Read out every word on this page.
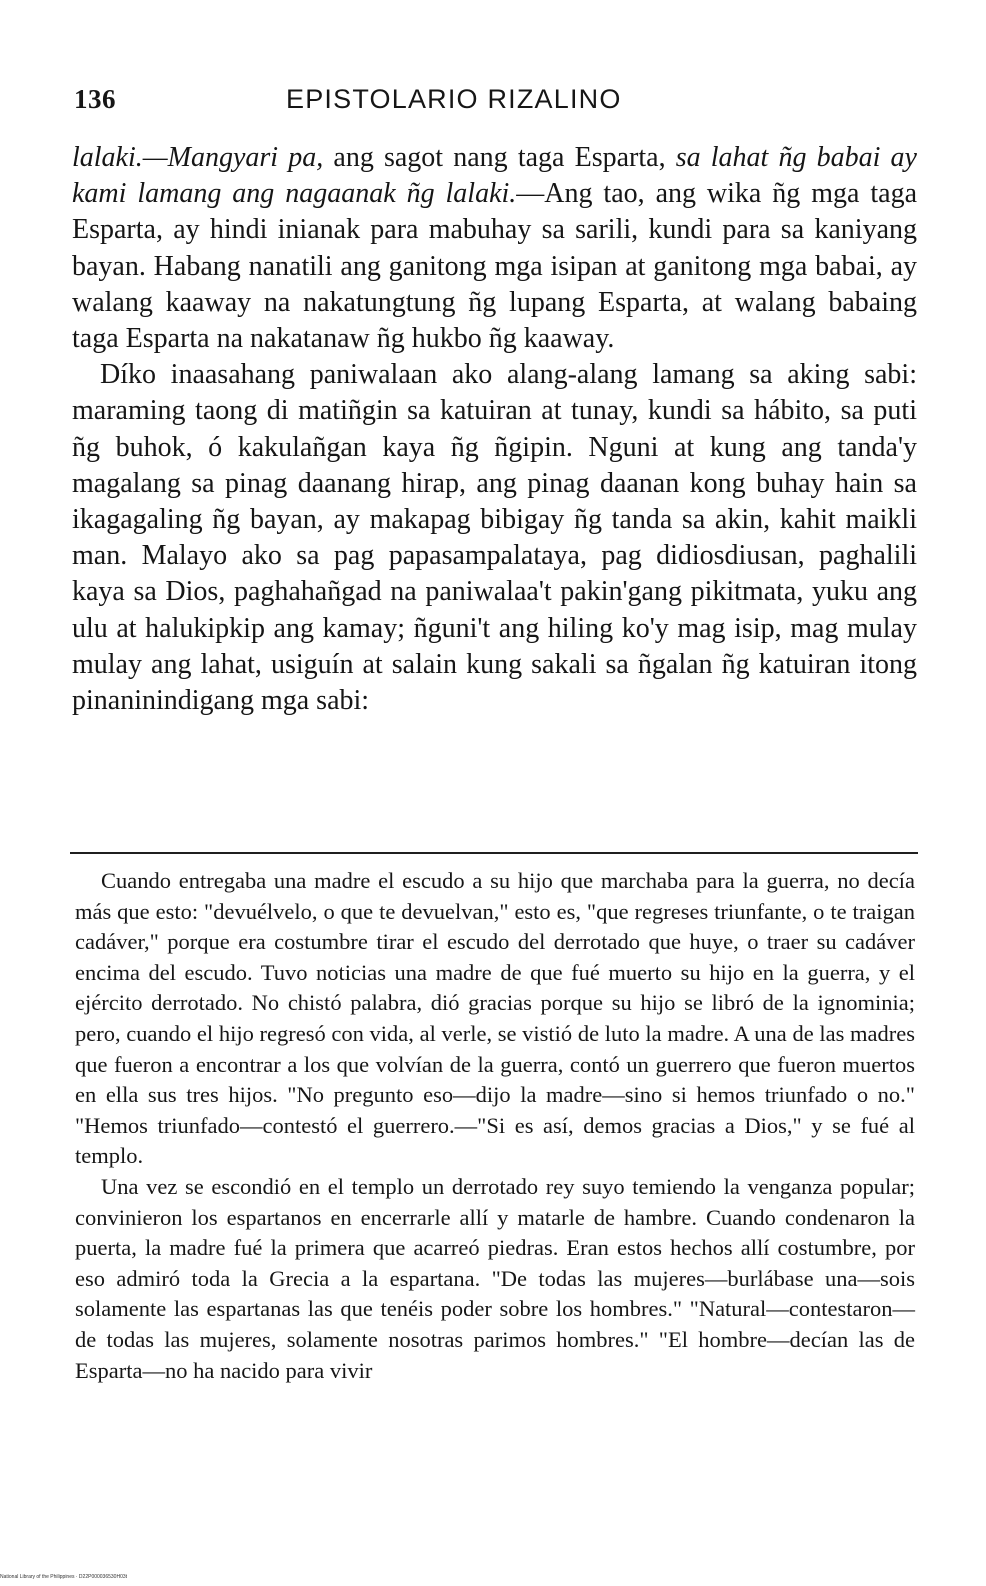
136	EPISTOLARIO RIZALINO

lalaki.—Mangyari pa, ang sagot nang taga Esparta, sa lahat ñg babai ay kami lamang ang nagaanak ñg lalaki.—Ang tao, ang wika ñg mga taga Esparta, ay hindi inianak para mabuhay sa sarili, kundi para sa kaniyang bayan. Habang nanatili ang ganitong mga isipan at ganitong mga babai, ay walang kaaway na nakatungtung ñg lupang Esparta, at walang babaing taga Esparta na nakatanaw ñg hukbo ñg kaaway.

Díko inaasahang paniwalaan ako alang-alang lamang sa aking sabi: maraming taong di matiñgin sa katuiran at tunay, kundi sa hábito, sa puti ñg buhok, ó kakulañgan kaya ñg ñgipin. Nguni at kung ang tanda'y magalang sa pinag daanang hirap, ang pinag daanan kong buhay hain sa ikagagaling ñg bayan, ay makapag bibigay ñg tanda sa akin, kahit maikli man. Malayo ako sa pag papasampalataya, pag didiosdiusan, paghalili kaya sa Dios, paghahañgad na paniwalaa't pakin'gang pikitmata, yuku ang ulu at halukipkip ang kamay; ñguni't ang hiling ko'y mag isip, mag mulay mulay ang lahat, usiguín at salain kung sakali sa ñgalan ñg katuiran itong pinaninindigang mga sabi:

Cuando entregaba una madre el escudo a su hijo que marchaba para la guerra, no decía más que esto: "devuélvelo, o que te devuelvan," esto es, "que regreses triunfante, o te traigan cadáver," porque era costumbre tirar el escudo del derrotado que huye, o traer su cadáver encima del escudo. Tuvo noticias una madre de que fué muerto su hijo en la guerra, y el ejército derrotado. No chistó palabra, dió gracias porque su hijo se libró de la ignominia; pero, cuando el hijo regresó con vida, al verle, se vistió de luto la madre. A una de las madres que fueron a encontrar a los que volvían de la guerra, contó un guerrero que fueron muertos en ella sus tres hijos. "No pregunto eso—dijo la madre—sino si hemos triunfado o no." "Hemos triunfado—contestó el guerrero.—"Si es así, demos gracias a Dios," y se fué al templo.

Una vez se escondió en el templo un derrotado rey suyo temiendo la venganza popular; convinieron los espartanos en encerrarle allí y matarle de hambre. Cuando condenaron la puerta, la madre fué la primera que acarreó piedras. Eran estos hechos allí costumbre, por eso admiró toda la Grecia a la espartana. "De todas las mujeres—burlábase una—sois solamente las espartanas las que tenéis poder sobre los hombres." "Natural—contestaron—de todas las mujeres, solamente nosotras parimos hombres." "El hombre—decían las de Esparta—no ha nacido para vivir

National Library of the Philippines · D22P000036530H03t
